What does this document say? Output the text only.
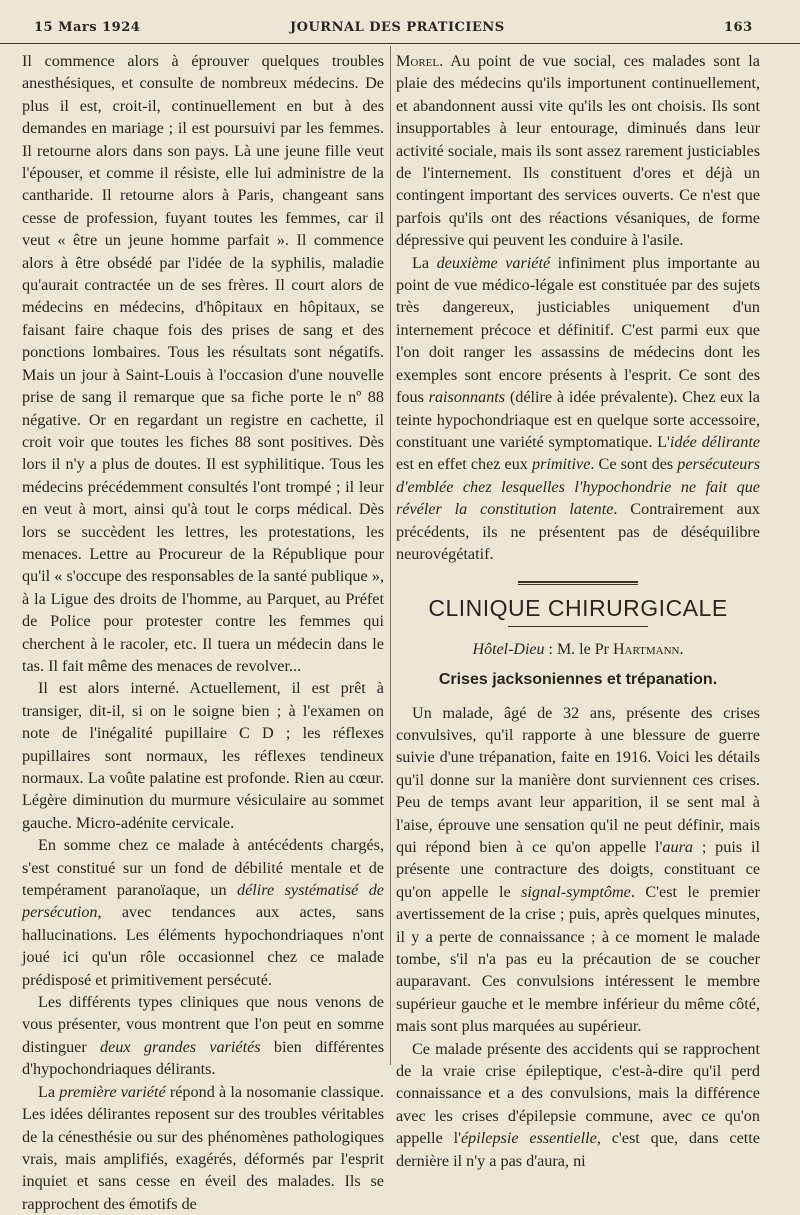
15 Mars 1924	JOURNAL DES PRATICIENS	163

Il commence alors à éprouver quelques troubles anesthésiques, et consulte de nombreux médecins. De plus il est, croit-il, continuellement en but à des demandes en mariage ; il est poursuivi par les femmes. Il retourne alors dans son pays. Là une jeune fille veut l'épouser, et comme il résiste, elle lui administre de la cantharide. Il retourne alors à Paris, changeant sans cesse de profession, fuyant toutes les femmes, car il veut « être un jeune homme parfait ». Il commence alors à être obsédé par l'idée de la syphilis, maladie qu'aurait contractée un de ses frères. Il court alors de médecins en médecins, d'hôpitaux en hôpitaux, se faisant faire chaque fois des prises de sang et des ponctions lombaires. Tous les résultats sont négatifs. Mais un jour à Saint-Louis à l'occasion d'une nouvelle prise de sang il remarque que sa fiche porte le nº 88 négative. Or en regardant un registre en cachette, il croit voir que toutes les fiches 88 sont positives. Dès lors il n'y a plus de doutes. Il est syphilitique. Tous les médecins précédemment consultés l'ont trompé ; il leur en veut à mort, ainsi qu'à tout le corps médical. Dès lors se succèdent les lettres, les protestations, les menaces. Lettre au Procureur de la République pour qu'il « s'occupe des responsables de la santé publique », à la Ligue des droits de l'homme, au Parquet, au Préfet de Police pour protester contre les femmes qui cherchent à le racoler, etc. Il tuera un médecin dans le tas. Il fait même des menaces de revolver...

Il est alors interné. Actuellement, il est prêt à transiger, dit-il, si on le soigne bien ; à l'examen on note de l'inégalité pupillaire C D ; les réflexes pupillaires sont normaux, les réflexes tendineux normaux. La voûte palatine est profonde. Rien au cœur. Légère diminution du murmure vésiculaire au sommet gauche. Micro-adénite cervicale.

En somme chez ce malade à antécédents chargés, s'est constitué sur un fond de débilité mentale et de tempérament paranoïaque, un délire systématisé de persécution, avec tendances aux actes, sans hallucinations. Les éléments hypochondriaques n'ont joué ici qu'un rôle occasionnel chez ce malade prédisposé et primitivement persécuté.

Les différents types cliniques que nous venons de vous présenter, vous montrent que l'on peut en somme distinguer deux grandes variétés bien différentes d'hypochondriaques délirants.

La première variété répond à la nosomanie classique. Les idées délirantes reposent sur des troubles véritables de la cénesthésie ou sur des phénomènes pathologiques vrais, mais amplifiés, exagérés, déformés par l'esprit inquiet et sans cesse en éveil des malades. Ils se rapprochent des émotifs de

Morel. Au point de vue social, ces malades sont la plaie des médecins qu'ils importunent continuellement, et abandonnent aussi vite qu'ils les ont choisis. Ils sont insupportables à leur entourage, diminués dans leur activité sociale, mais ils sont assez rarement justiciables de l'internement. Ils constituent d'ores et déjà un contingent important des services ouverts. Ce n'est que parfois qu'ils ont des réactions vésaniques, de forme dépressive qui peuvent les conduire à l'asile.

La deuxième variété infiniment plus importante au point de vue médico-légale est constituée par des sujets très dangereux, justiciables uniquement d'un internement précoce et définitif. C'est parmi eux que l'on doit ranger les assassins de médecins dont les exemples sont encore présents à l'esprit. Ce sont des fous raisonnants (délire à idée prévalente). Chez eux la teinte hypochondriaque est en quelque sorte accessoire, constituant une variété symptomatique. L'idée délirante est en effet chez eux primitive. Ce sont des persécuteurs d'emblée chez lesquelles l'hypochondrie ne fait que révéler la constitution latente. Contrairement aux précédents, ils ne présentent pas de déséquilibre neurovégétatif.

CLINIQUE CHIRURGICALE
Hôtel-Dieu : M. le Pr Hartmann.
Crises jacksoniennes et trépanation.

Un malade, âgé de 32 ans, présente des crises convulsives, qu'il rapporte à une blessure de guerre suivie d'une trépanation, faite en 1916. Voici les détails qu'il donne sur la manière dont surviennent ces crises. Peu de temps avant leur apparition, il se sent mal à l'aise, éprouve une sensation qu'il ne peut définir, mais qui répond bien à ce qu'on appelle l'aura ; puis il présente une contracture des doigts, constituant ce qu'on appelle le signal-symptôme. C'est le premier avertissement de la crise ; puis, après quelques minutes, il y a perte de connaissance ; à ce moment le malade tombe, s'il n'a pas eu la précaution de se coucher auparavant. Ces convulsions intéressent le membre supérieur gauche et le membre inférieur du même côté, mais sont plus marquées au supérieur.

Ce malade présente des accidents qui se rapprochent de la vraie crise épileptique, c'est-à-dire qu'il perd connaissance et a des convulsions, mais la différence avec les crises d'épilepsie commune, avec ce qu'on appelle l'épilepsie essentielle, c'est que, dans cette dernière il n'y a pas d'aura, ni
